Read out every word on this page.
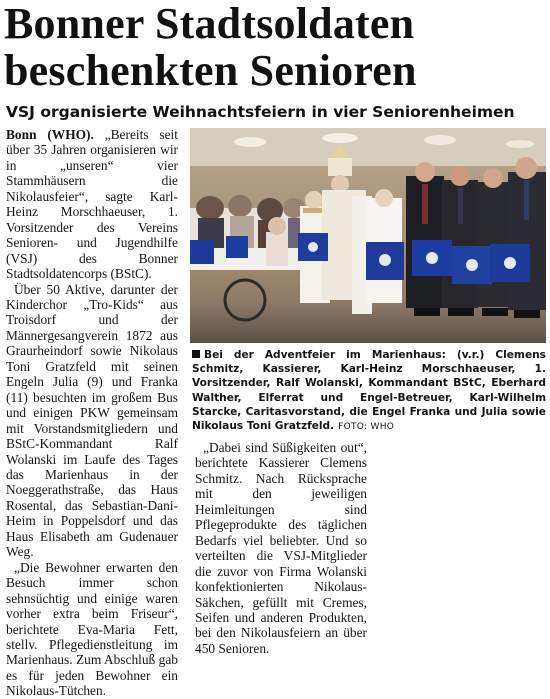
Bonner Stadtsoldaten
beschenkten Senioren
VSJ organisierte Weihnachtsfeiern in vier Seniorenheimen

Bonn (WHO). „Bereits seit über 35 Jahren organisieren wir in „unseren“ vier Stammhäusern die Nikolausfeier“, sagte Karl-Heinz Morschhaeuser, 1. Vorsitzender des Vereins Senioren- und Jugendhilfe (VSJ) des Bonner Stadtsoldatencorps (BStC).

Über 50 Aktive, darunter der Kinderchor „Tro-Kids“ aus Troisdorf und der Männergesangverein 1872 aus Graurheindorf sowie Nikolaus Toni Gratzfeld mit seinen Engeln Julia (9) und Franka (11) besuchten im großem Bus und einigen PKW gemeinsam mit Vorstandsmitgliedern und BStC-Kommandant Ralf Wolanski im Laufe des Tages das Marienhaus in der Noeggerathstraße, das Haus Rosental, das Sebastian-Dani-Heim in Poppelsdorf und das Haus Elisabeth am Gudenauer Weg.

„Die Bewohner erwarten den Besuch immer schon sehnsüchtig und einige waren vorher extra beim Friseur“, berichtete Eva-Maria Fett, stellv. Pflegedienstleitung im Marienhaus. Zum Abschluß gab es für jeden Bewohner ein Nikolaus-Tütchen.

Bei der Adventfeier im Marienhaus: (v.r.) Clemens Schmitz, Kassierer, Karl-Heinz Morschhaeuser, 1. Vorsitzender, Ralf Wolanski, Kommandant BStC, Eberhard Walther, Elferrat und Engel-Betreuer, Karl-Wilhelm Starcke, Caritasvorstand, die Engel Franka und Julia sowie Nikolaus Toni Gratzfeld. FOTO: WHO

„Dabei sind Süßigkeiten out“, berichtete Kassierer Clemens Schmitz. Nach Rücksprache mit den jeweiligen Heimleitungen sind Pflegeprodukte des täglichen Bedarfs viel beliebter. Und so verteilten die VSJ-Mitglieder die zuvor von Firma Wolanski konfektionierten Nikolaus-Säkchen, gefüllt mit Cremes, Seifen und anderen Produkten, bei den Nikolausfeiern an über 450 Senioren.
